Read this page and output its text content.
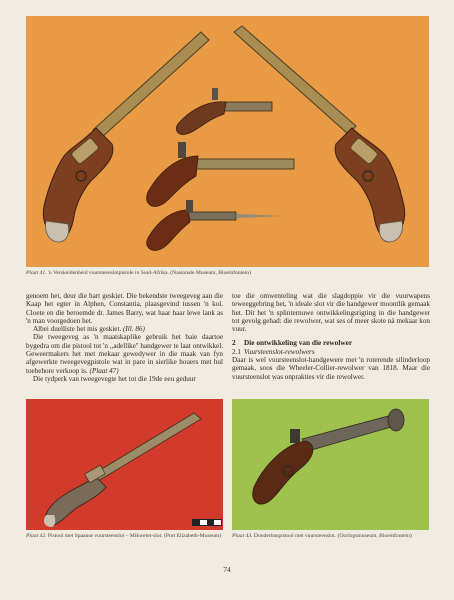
Plaat 41. 'n Verskeidenheid vuursteenslotpistole in Suid-Afrika. (Nasionale Museum, Bloemfontein)

genoem het, deur die hart geskiet. Die bekendste tweegeveg aan die Kaap het egter in Alphen, Constantia, plaasgevind tussen 'n kol. Cloete en die beroemde dr. James Barry, wat haar haar lewe lank as 'n man voorgedoen het.

Albei duelliste het mis geskiet. (Ill. 86)

Die tweegeveg as 'n maatskaplike gebruik het baie daartoe bygedra om die pistool tot 'n ,,adellike'' handgewer te laat ontwikkel. Geweermakers het met mekaar gewedywer in die maak van fyn afgewerkte tweegevegpistole wat in pare in sierlike houers met hul toebehore verkoop is. (Plaat 47)

Die tydperk van tweegevegte het tot die 19de eeu geduur

toe die omwenteling wat die slagdoppie vir die vuurwapens teweeggebring het, 'n ideale slot vir die handgewer moontlik gemaak het. Dit het 'n splinternuwe ontwikkelingsrigting in die handgewer tot gevolg gehad: die rewolwer, wat ses of meer skote nà mekaar kon vuur.

2 Die ontwikkeling van die rewolwer

2.1 Vuursteenslot-rewolwers

Daar is wel vuursteenslot-handgewere met 'n roterende silinderloop gemaak, soos die Wheeler-Collier-rewolwer van 1818. Maar die vuursteenslot was onprakties vir die rewolwer.

Plaat 42. Pistool met Spaanse vuursteenslot – Mikwelet-slot. (Port Elizabeth-Museum)	Plaat 43. Donderbuspistool met vuursteenslot. (Oorlogsmuseum, Bloemfontein)
74
